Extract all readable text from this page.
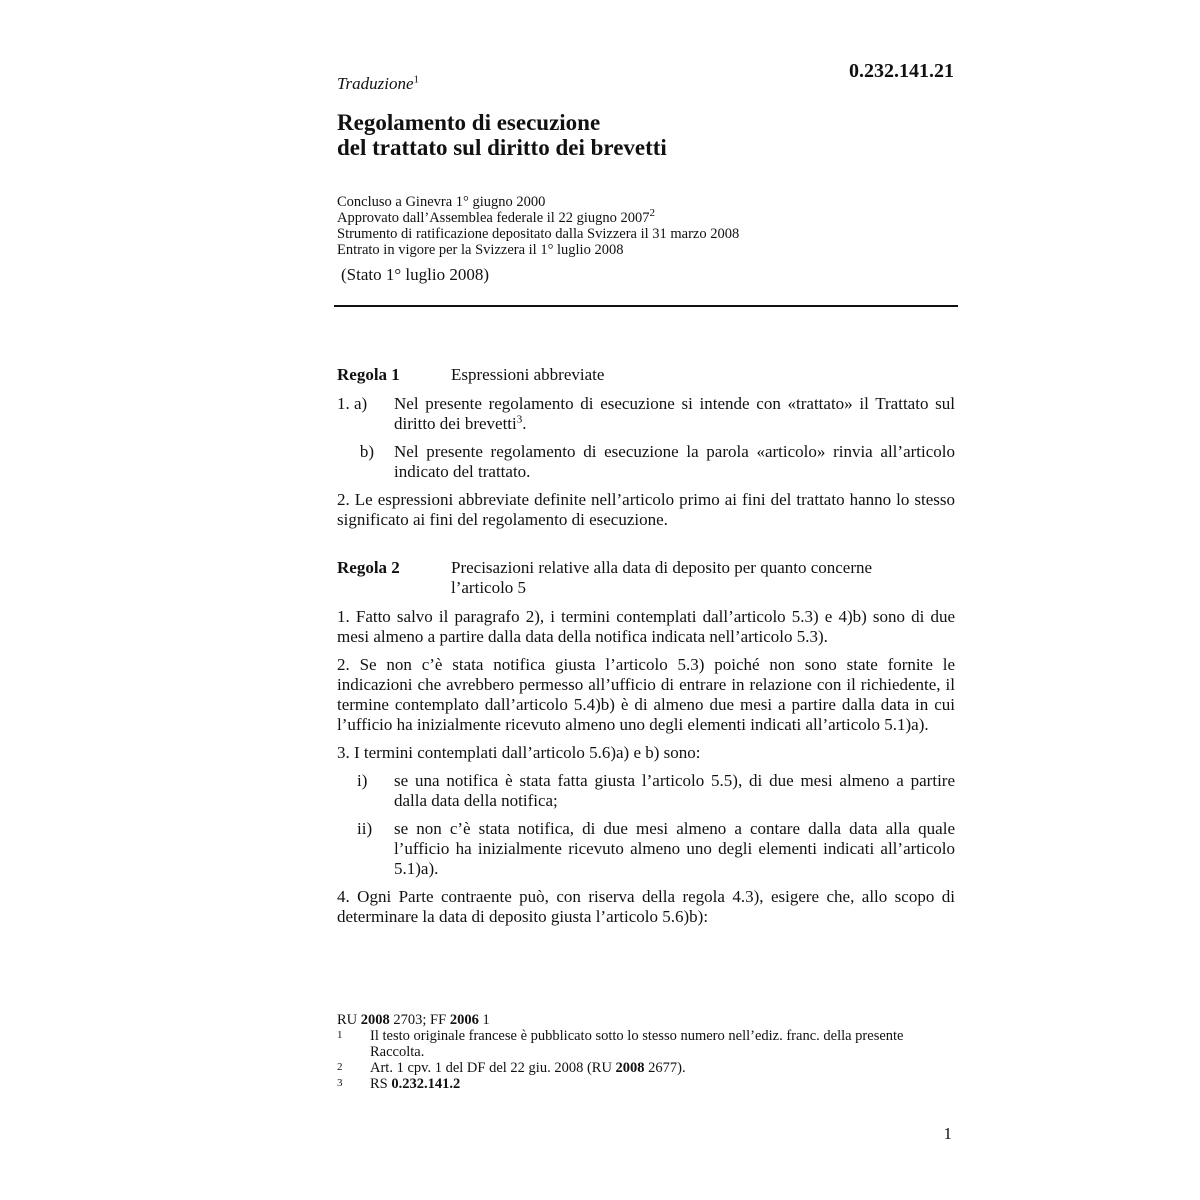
0.232.141.21
Traduzione$^1$
Regolamento di esecuzione
del trattato sul diritto dei brevetti
Concluso a Ginevra 1° giugno 2000
Approvato dall’Assemblea federale il 22 giugno 2007$^2$
Strumento di ratificazione depositato dalla Svizzera il 31 marzo 2008
Entrato in vigore per la Svizzera il 1° luglio 2008
(Stato 1° luglio 2008)
Regola 1	Espressioni abbreviate
1. a)	Nel presente regolamento di esecuzione si intende con «trattato» il Trattato sul diritto dei brevetti$^3$.
b)	Nel presente regolamento di esecuzione la parola «articolo» rinvia all’articolo indicato del trattato.
2. Le espressioni abbreviate definite nell’articolo primo ai fini del trattato hanno lo stesso significato ai fini del regolamento di esecuzione.
Regola 2	Precisazioni relative alla data di deposito per quanto concerne l’articolo 5
1. Fatto salvo il paragrafo 2), i termini contemplati dall’articolo 5.3) e 4)b) sono di due mesi almeno a partire dalla data della notifica indicata nell’articolo 5.3).
2. Se non c’è stata notifica giusta l’articolo 5.3) poiché non sono state fornite le indicazioni che avrebbero permesso all’ufficio di entrare in relazione con il richiedente, il termine contemplato dall’articolo 5.4)b) è di almeno due mesi a partire dalla data in cui l’ufficio ha inizialmente ricevuto almeno uno degli elementi indicati all’articolo 5.1)a).
3. I termini contemplati dall’articolo 5.6)a) e b) sono:
i)	se una notifica è stata fatta giusta l’articolo 5.5), di due mesi almeno a partire dalla data della notifica;
ii)	se non c’è stata notifica, di due mesi almeno a contare dalla data alla quale l’ufficio ha inizialmente ricevuto almeno uno degli elementi indicati all’articolo 5.1)a).
4. Ogni Parte contraente può, con riserva della regola 4.3), esigere che, allo scopo di determinare la data di deposito giusta l’articolo 5.6)b):
RU 2008 2703; FF 2006 1
1	Il testo originale francese è pubblicato sotto lo stesso numero nell’ediz. franc. della presente Raccolta.
2	Art. 1 cpv. 1 del DF del 22 giu. 2008 (RU 2008 2677).
3	RS 0.232.141.2
1
